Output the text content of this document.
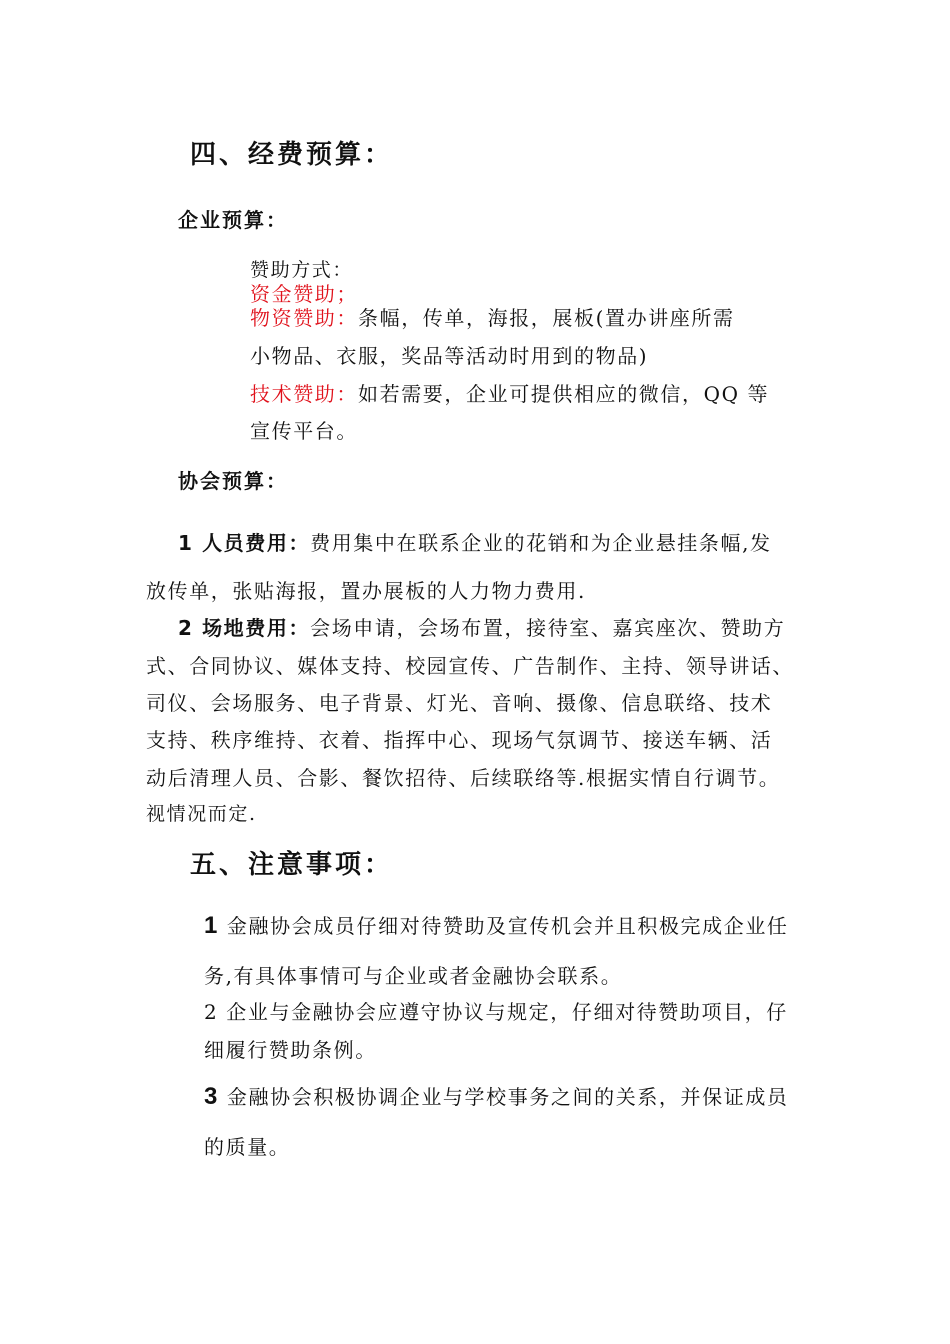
四、经费预算：
企业预算：

赞助方式：

资金赞助；

物资赞助：条幅，传单，海报，展板(置办讲座所需

小物品、衣服，奖品等活动时用到的物品)

技术赞助：如若需要，企业可提供相应的微信，QQ 等

宣传平台。

协会预算：

1 人员费用：费用集中在联系企业的花销和为企业悬挂条幅,发

放传单，张贴海报，置办展板的人力物力费用.

2 场地费用：会场申请，会场布置，接待室、嘉宾座次、赞助方

式、合同协议、媒体支持、校园宣传、广告制作、主持、领导讲话、

司仪、会场服务、电子背景、灯光、音响、摄像、信息联络、技术

支持、秩序维持、衣着、指挥中心、现场气氛调节、接送车辆、活

动后清理人员、合影、餐饮招待、后续联络等.根据实情自行调节。

视情况而定.

五、注意事项：

1 金融协会成员仔细对待赞助及宣传机会并且积极完成企业任

务,有具体事情可与企业或者金融协会联系。

2 企业与金融协会应遵守协议与规定，仔细对待赞助项目，仔

细履行赞助条例。

3 金融协会积极协调企业与学校事务之间的关系，并保证成员

的质量。
